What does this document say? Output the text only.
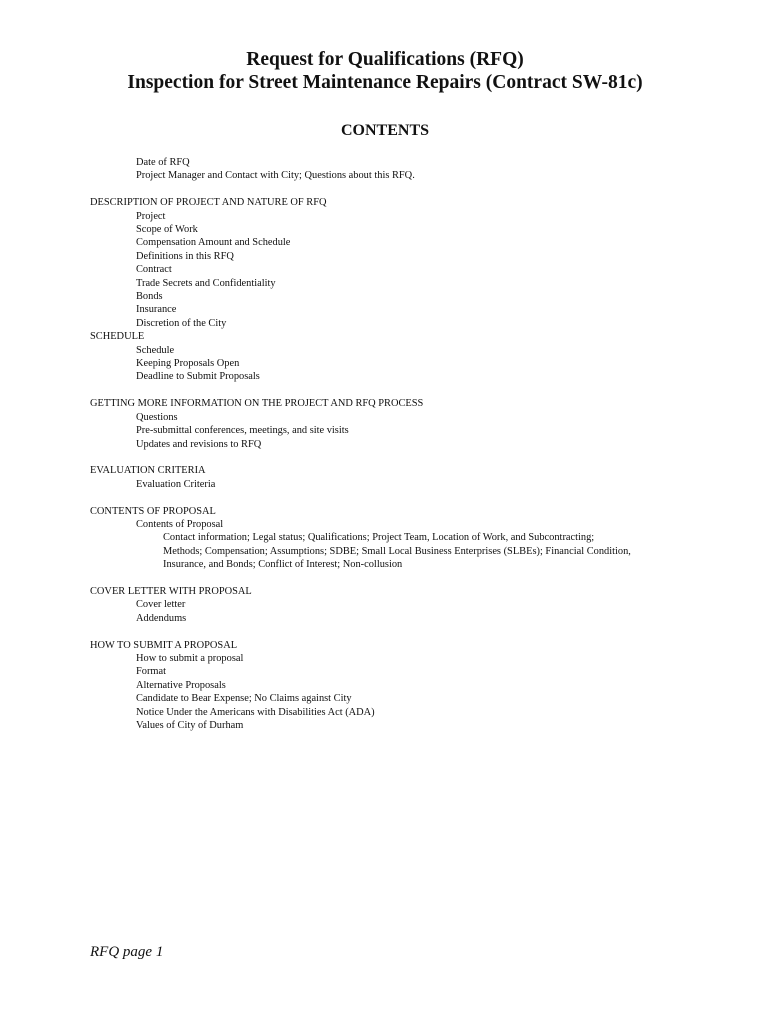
Request for Qualifications (RFQ)
Inspection for Street Maintenance Repairs (Contract SW-81c)
CONTENTS
Date of RFQ
Project Manager and Contact with City; Questions about this RFQ.
DESCRIPTION OF PROJECT AND NATURE OF RFQ
Project
Scope of Work
Compensation Amount and Schedule
Definitions in this RFQ
Contract
Trade Secrets and Confidentiality
Bonds
Insurance
Discretion of the City
SCHEDULE
Schedule
Keeping Proposals Open
Deadline to Submit Proposals
GETTING MORE INFORMATION ON THE PROJECT AND RFQ PROCESS
Questions
Pre-submittal conferences, meetings, and site visits
Updates and revisions to RFQ
EVALUATION CRITERIA
Evaluation Criteria
CONTENTS OF PROPOSAL
Contents of Proposal
Contact information; Legal status; Qualifications; Project Team, Location of Work, and Subcontracting;
Methods; Compensation; Assumptions; SDBE; Small Local Business Enterprises (SLBEs); Financial Condition,
Insurance, and Bonds; Conflict of Interest; Non-collusion
COVER LETTER WITH PROPOSAL
Cover letter
Addendums
HOW TO SUBMIT A PROPOSAL
How to submit a proposal
Format
Alternative Proposals
Candidate to Bear Expense; No Claims against City
Notice Under the Americans with Disabilities Act (ADA)
Values of City of Durham
RFQ page 1
